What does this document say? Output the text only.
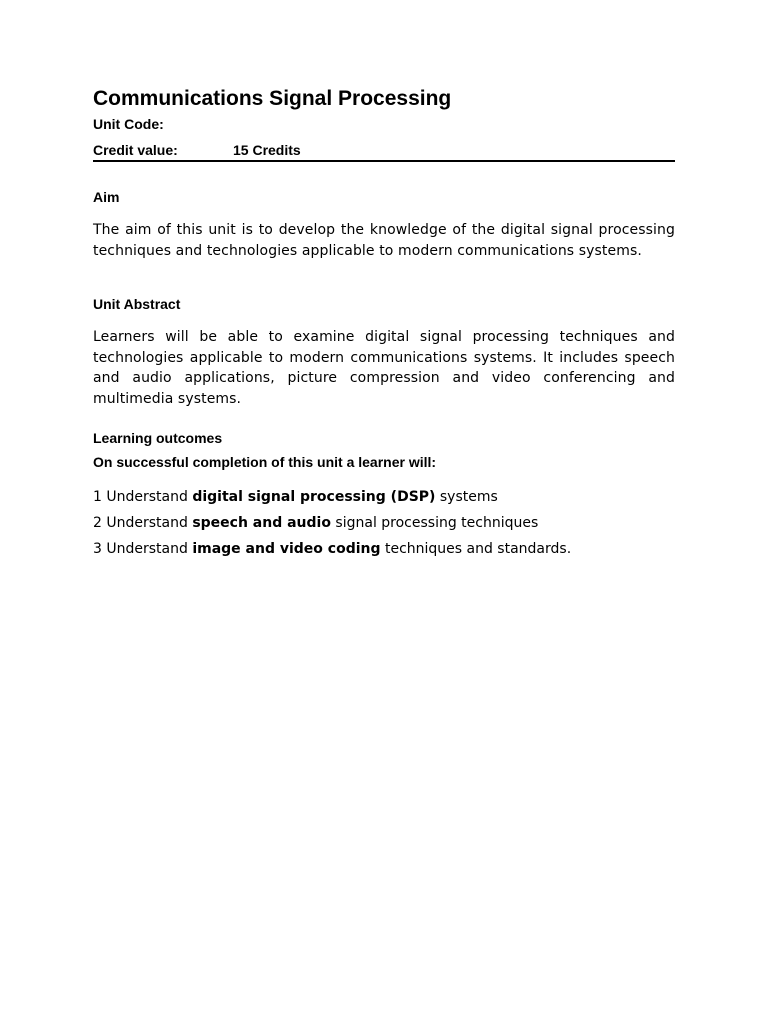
Communications Signal Processing
Unit Code:
Credit value:	15 Credits
Aim

The aim of this unit is to develop the knowledge of the digital signal processing techniques and technologies applicable to modern communications systems.

Unit Abstract

Learners will be able to examine digital signal processing techniques and technologies applicable to modern communications systems. It includes speech and audio applications, picture compression and video conferencing and multimedia systems.

Learning outcomes
On successful completion of this unit a learner will:

1 Understand digital signal processing (DSP) systems

2 Understand speech and audio signal processing techniques

3 Understand image and video coding techniques and standards.
